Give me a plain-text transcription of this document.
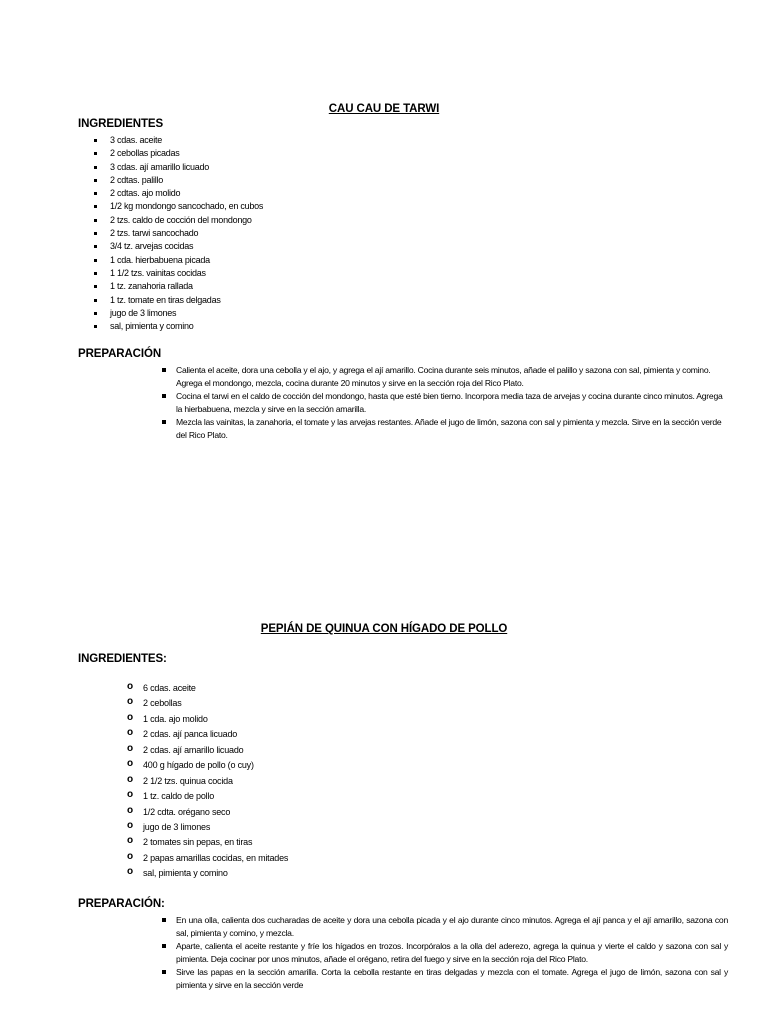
CAU CAU DE TARWI
INGREDIENTES
3 cdas. aceite
2 cebollas picadas
3 cdas. ají amarillo licuado
2 cdtas. palillo
2 cdtas. ajo molido
1/2 kg mondongo sancochado, en cubos
2 tzs. caldo de cocción del mondongo
2 tzs. tarwi sancochado
3/4 tz. arvejas cocidas
1 cda. hierbabuena picada
1 1/2 tzs. vainitas cocidas
1 tz. zanahoria rallada
1 tz. tomate en tiras delgadas
jugo de 3 limones
sal, pimienta y comino
PREPARACIÓN
Calienta el aceite, dora una cebolla y el ajo, y agrega el ají amarillo. Cocina durante seis minutos, añade el palillo y sazona con sal, pimienta y comino. Agrega el mondongo, mezcla, cocina durante 20 minutos y sirve en la sección roja del Rico Plato.
Cocina el tarwi en el caldo de cocción del mondongo, hasta que esté bien tierno. Incorpora media taza de arvejas y cocina durante cinco minutos. Agrega la hierbabuena, mezcla y sirve en la sección amarilla.
Mezcla las vainitas, la zanahoria, el tomate y las arvejas restantes. Añade el jugo de limón, sazona con sal y pimienta y mezcla. Sirve en la sección verde del Rico Plato.
PEPIÁN DE QUINUA CON HÍGADO DE POLLO
INGREDIENTES:
o 6 cdas. aceite
o 2 cebollas
o 1 cda. ajo molido
o 2 cdas. ají panca licuado
o 2 cdas. ají amarillo licuado
o 400 g hígado de pollo (o cuy)
o 2 1/2 tzs. quinua cocida
o 1 tz. caldo de pollo
o 1/2 cdta. orégano seco
o jugo de 3 limones
o 2 tomates sin pepas, en tiras
o 2 papas amarillas cocidas, en mitades
o sal, pimienta y comino
PREPARACIÓN:
En una olla, calienta dos cucharadas de aceite y dora una cebolla picada y el ajo durante cinco minutos. Agrega el ají panca y el ají amarillo, sazona con sal, pimienta y comino, y mezcla.
Aparte, calienta el aceite restante y fríe los hígados en trozos. Incorpóralos a la olla del aderezo, agrega la quinua y vierte el caldo y sazona con sal y pimienta. Deja cocinar por unos minutos, añade el orégano, retira del fuego y sirve en la sección roja del Rico Plato.
Sirve las papas en la sección amarilla. Corta la cebolla restante en tiras delgadas y mezcla con el tomate. Agrega el jugo de limón, sazona con sal y pimienta y sirve en la sección verde
